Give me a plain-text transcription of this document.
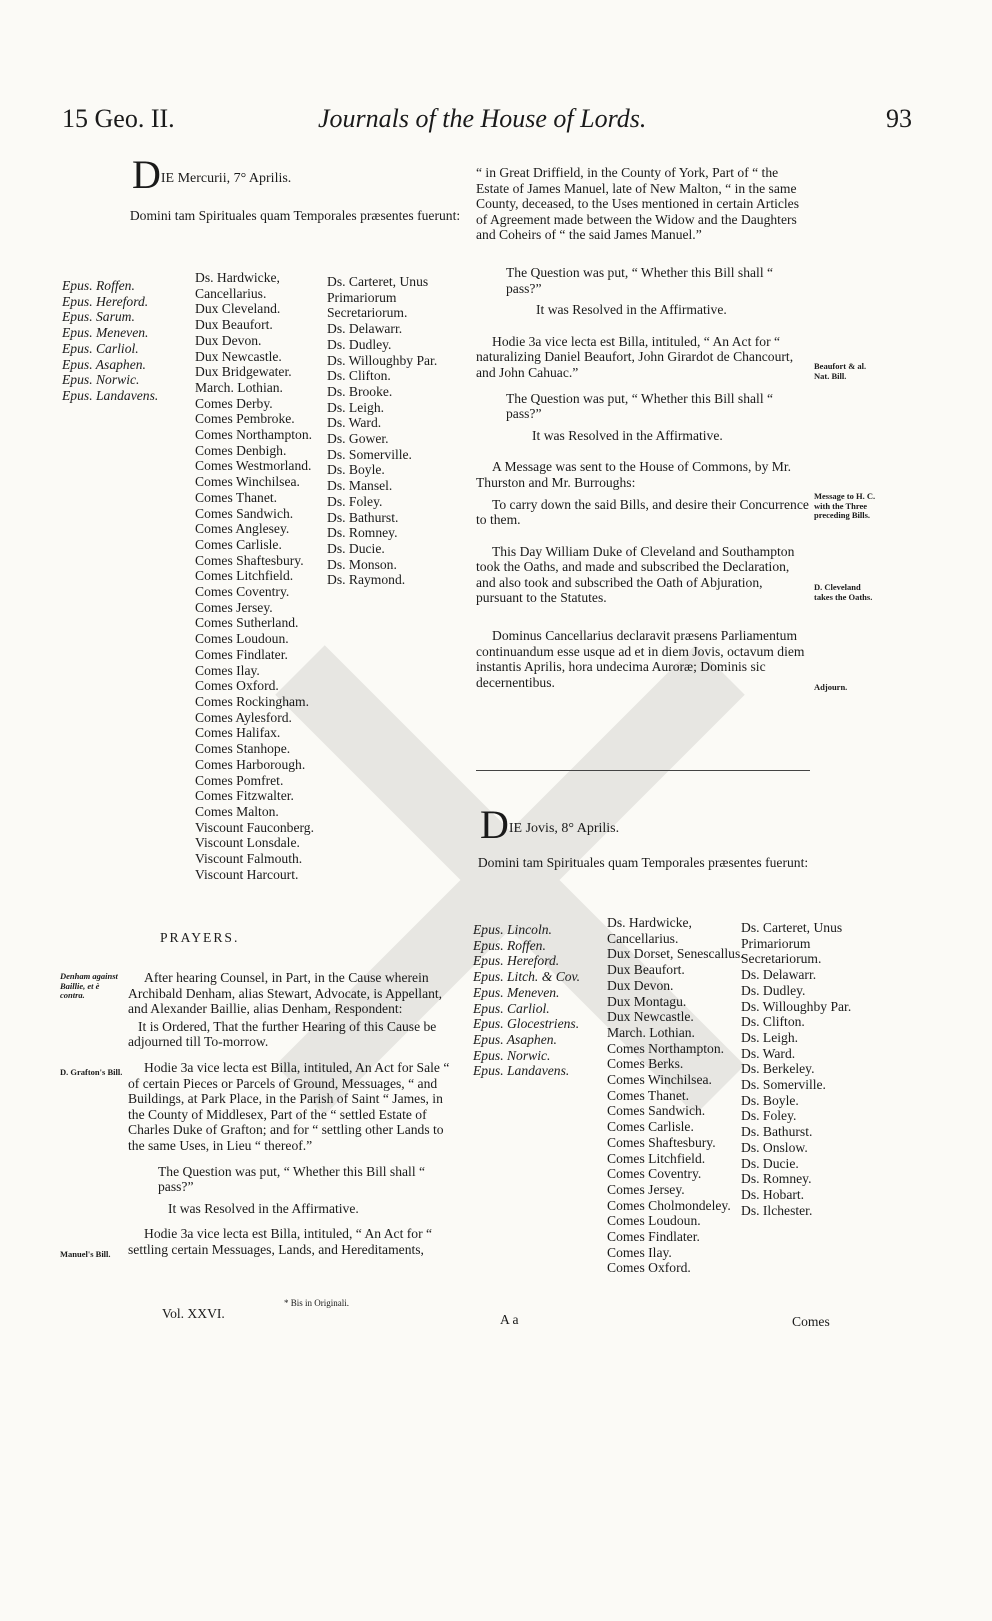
15 Geo. II.	Journals of the House of Lords.	93
DIE Mercurii, 7° Aprilis.
Domini tam Spirituales quam Temporales præsentes fuerunt:
Epus. Roffen.
Epus. Hereford.
Epus. Sarum.
Epus. Meneven.
Epus. Carliol.
Epus. Asaphen.
Epus. Norwic.
Epus. Landavens.
Ds. Hardwicke, Cancellarius.
Dux Cleveland.
Dux Beaufort.
Dux Devon.
Dux Newcastle.
Dux Bridgewater.
March. Lothian.
Comes Derby.
Comes Pembroke.
Comes Northampton.
Comes Denbigh.
Comes Westmorland.
Comes Winchilsea.
Comes Thanet.
Comes Sandwich.
Comes Anglesey.
Comes Carlisle.
Comes Shaftesbury.
Comes Litchfield.
Comes Coventry.
Comes Jersey.
Comes Sutherland.
Comes Loudoun.
Comes Findlater.
Comes Ilay.
Comes Oxford.
Comes Rockingham.
Comes Aylesford.
Comes Halifax.
Comes Stanhope.
Comes Harborough.
Comes Pomfret.
Comes Fitzwalter.
Comes Malton.
Viscount Fauconberg.
Viscount Lonsdale.
Viscount Falmouth.
Viscount Harcourt.
Ds. Carteret, Unus Primariorum Secretariorum.
Ds. Delawarr.
Ds. Dudley.
Ds. Willoughby Par.
Ds. Clifton.
Ds. Brooke.
Ds. Leigh.
Ds. Ward.
Ds. Gower.
Ds. Somerville.
Ds. Boyle.
Ds. Mansel.
Ds. Foley.
Ds. Bathurst.
Ds. Romney.
Ds. Ducie.
Ds. Monson.
Ds. Raymond.
PRAYERS.
Denham against Baillie, et è contra.
D. Grafton's Bill.
Manuel's Bill.
After hearing Counsel, in Part, in the Cause wherein Archibald Denham, alias Stewart, Advocate, is Appellant, and Alexander Baillie, alias Denham, Respondent:
It is Ordered, That the further Hearing of this Cause be adjourned till To-morrow.
Hodie 3a vice lecta est Billa, intituled, An Act for Sale “ of certain Pieces or Parcels of Ground, Messuages, “ and Buildings, at Park Place, in the Parish of Saint “ James, in the County of Middlesex, Part of the “ settled Estate of Charles Duke of Grafton; and for “ settling other Lands to the same Uses, in Lieu “ thereof.”
The Question was put, “ Whether this Bill shall “ pass?”
It was Resolved in the Affirmative.
Hodie 3a vice lecta est Billa, intituled, “ An Act for “ settling certain Messuages, Lands, and Hereditaments,
* Bis in Originali.
Vol. XXVI.
“ in Great Driffield, in the County of York, Part of “ the Estate of James Manuel, late of New Malton, “ in the same County, deceased, to the Uses mentioned in certain Articles of Agreement made between the Widow and the Daughters and Coheirs of “ the said James Manuel.”
The Question was put, “ Whether this Bill shall “ pass?”
It was Resolved in the Affirmative.
Hodie 3a vice lecta est Billa, intituled, “ An Act for “ naturalizing Daniel Beaufort, John Girardot de Chancourt, and John Cahuac.”
The Question was put, “ Whether this Bill shall “ pass?”
It was Resolved in the Affirmative.
A Message was sent to the House of Commons, by Mr. Thurston and Mr. Burroughs:
To carry down the said Bills, and desire their Concurrence to them.
This Day William Duke of Cleveland and Southampton took the Oaths, and made and subscribed the Declaration, and also took and subscribed the Oath of Abjuration, pursuant to the Statutes.
Dominus Cancellarius declaravit præsens Parliamentum continuandum esse usque ad et in diem Jovis, octavum diem instantis Aprilis, hora undecima Auroræ; Dominis sic decernentibus.
Beaufort & al. Nat. Bill.
Message to H. C. with the Three preceding Bills.
D. Cleveland takes the Oaths.
Adjourn.
DIE Jovis, 8° Aprilis.
Domini tam Spirituales quam Temporales præsentes fuerunt:
Epus. Lincoln.
Epus. Roffen.
Epus. Hereford.
Epus. Litch. & Cov.
Epus. Meneven.
Epus. Carliol.
Epus. Glocestriens.
Epus. Asaphen.
Epus. Norwic.
Epus. Landavens.
Ds. Hardwicke, Cancellarius.
Dux Dorset, Senescallus.
Dux Beaufort.
Dux Devon.
Dux Montagu.
Dux Newcastle.
March. Lothian.
Comes Northampton.
Comes Berks.
Comes Winchilsea.
Comes Thanet.
Comes Sandwich.
Comes Carlisle.
Comes Shaftesbury.
Comes Litchfield.
Comes Coventry.
Comes Jersey.
Comes Cholmondeley.
Comes Loudoun.
Comes Findlater.
Comes Ilay.
Comes Oxford.
Ds. Carteret, Unus Primariorum Secretariorum.
Ds. Delawarr.
Ds. Dudley.
Ds. Willoughby Par.
Ds. Clifton.
Ds. Leigh.
Ds. Ward.
Ds. Berkeley.
Ds. Somerville.
Ds. Boyle.
Ds. Foley.
Ds. Bathurst.
Ds. Onslow.
Ds. Ducie.
Ds. Romney.
Ds. Hobart.
Ds. Ilchester.
A a	Comes
